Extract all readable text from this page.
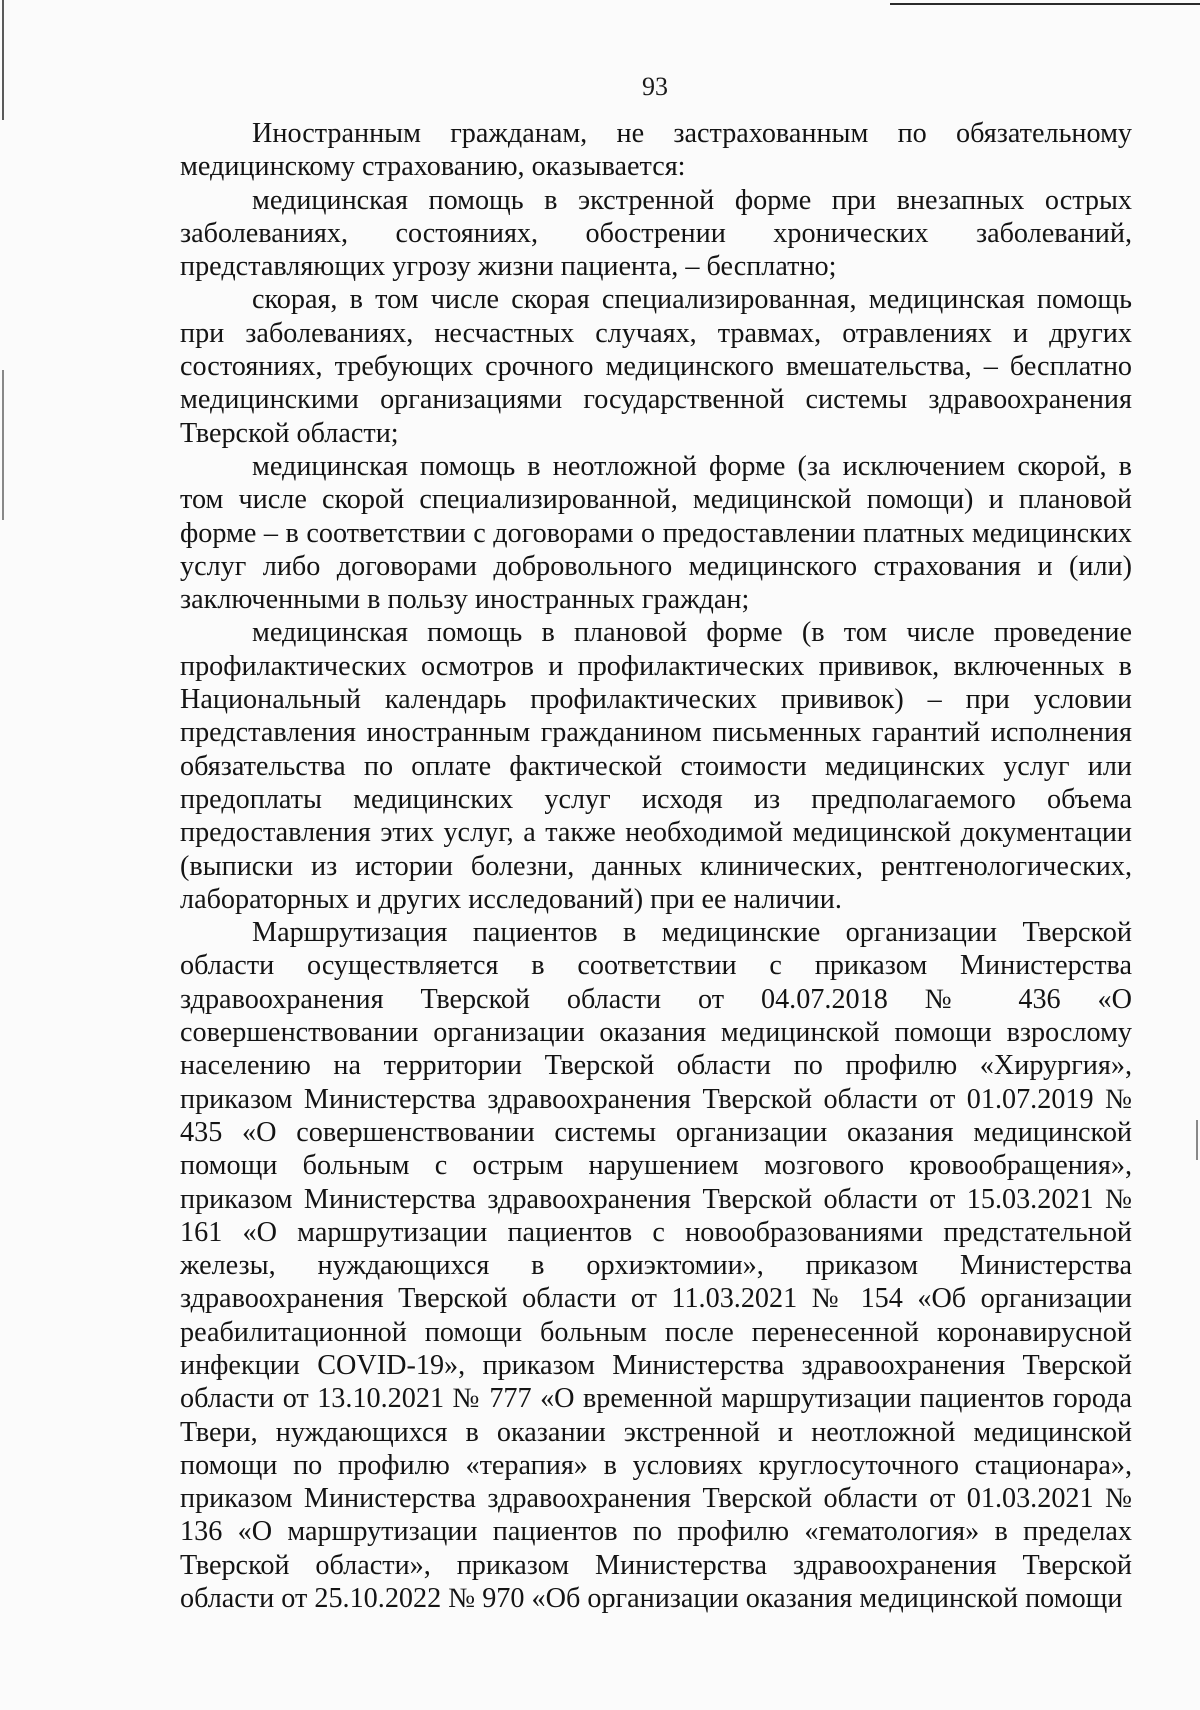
93

Иностранным гражданам, не застрахованным по обязательному медицинскому страхованию, оказывается:

медицинская помощь в экстренной форме при внезапных острых заболеваниях, состояниях, обострении хронических заболеваний, представляющих угрозу жизни пациента, – бесплатно;

скорая, в том числе скорая специализированная, медицинская помощь при заболеваниях, несчастных случаях, травмах, отравлениях и других состояниях, требующих срочного медицинского вмешательства, – бесплатно медицинскими организациями государственной системы здравоохранения Тверской области;

медицинская помощь в неотложной форме (за исключением скорой, в том числе скорой специализированной, медицинской помощи) и плановой форме – в соответствии с договорами о предоставлении платных медицинских услуг либо договорами добровольного медицинского страхования и (или) заключенными в пользу иностранных граждан;

медицинская помощь в плановой форме (в том числе проведение профилактических осмотров и профилактических прививок, включенных в Национальный календарь профилактических прививок) – при условии представления иностранным гражданином письменных гарантий исполнения обязательства по оплате фактической стоимости медицинских услуг или предоплаты медицинских услуг исходя из предполагаемого объема предоставления этих услуг, а также необходимой медицинской документации (выписки из истории болезни, данных клинических, рентгенологических, лабораторных и других исследований) при ее наличии.

Маршрутизация пациентов в медицинские организации Тверской области осуществляется в соответствии с приказом Министерства здравоохранения Тверской области от 04.07.2018 № 436 «О совершенствовании организации оказания медицинской помощи взрослому населению на территории Тверской области по профилю «Хирургия», приказом Министерства здравоохранения Тверской области от 01.07.2019 № 435 «О совершенствовании системы организации оказания медицинской помощи больным с острым нарушением мозгового кровообращения», приказом Министерства здравоохранения Тверской области от 15.03.2021 № 161 «О маршрутизации пациентов с новообразованиями предстательной железы, нуждающихся в орхиэктомии», приказом Министерства здравоохранения Тверской области от 11.03.2021 № 154 «Об организации реабилитационной помощи больным после перенесенной коронавирусной инфекции COVID-19», приказом Министерства здравоохранения Тверской области от 13.10.2021 № 777 «О временной маршрутизации пациентов города Твери, нуждающихся в оказании экстренной и неотложной медицинской помощи по профилю «терапия» в условиях круглосуточного стационара», приказом Министерства здравоохранения Тверской области от 01.03.2021 № 136 «О маршрутизации пациентов по профилю «гематология» в пределах Тверской области», приказом Министерства здравоохранения Тверской области от 25.10.2022 № 970 «Об организации оказания медицинской помощи
